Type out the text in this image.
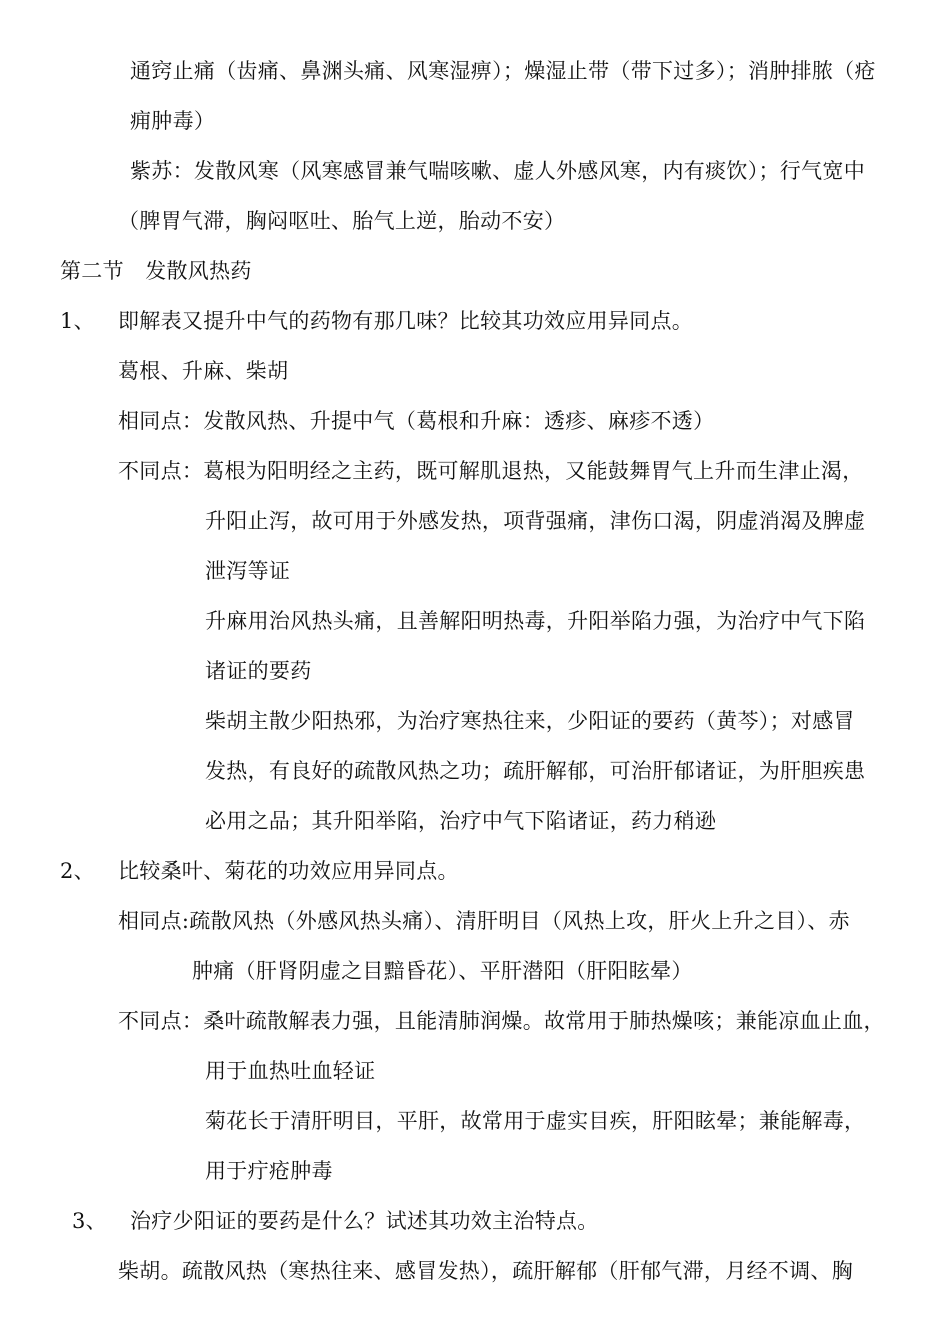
通窍止痛（齿痛、鼻渊头痛、风寒湿痹）；燥湿止带（带下过多）；消肿排脓（疮
痈肿毒）
紫苏：发散风寒（风寒感冒兼气喘咳嗽、虚人外感风寒，内有痰饮）；行气宽中
（脾胃气滞，胸闷呕吐、胎气上逆，胎动不安）
第二节　发散风热药
1、 即解表又提升中气的药物有那几味？比较其功效应用异同点。
葛根、升麻、柴胡
相同点：发散风热、升提中气（葛根和升麻：透疹、麻疹不透）
不同点：葛根为阳明经之主药，既可解肌退热，又能鼓舞胃气上升而生津止渴，
升阳止泻，故可用于外感发热，项背强痛，津伤口渴，阴虚消渴及脾虚
泄泻等证
升麻用治风热头痛，且善解阳明热毒，升阳举陷力强，为治疗中气下陷
诸证的要药
柴胡主散少阳热邪，为治疗寒热往来，少阳证的要药（黄芩）；对感冒
发热，有良好的疏散风热之功；疏肝解郁，可治肝郁诸证，为肝胆疾患
必用之品；其升阳举陷，治疗中气下陷诸证，药力稍逊
2、 比较桑叶、菊花的功效应用异同点。
相同点:疏散风热（外感风热头痛）、清肝明目（风热上攻，肝火上升之目）、赤
肿痛（肝肾阴虚之目黯昏花）、平肝潜阳（肝阳眩晕）
不同点：桑叶疏散解表力强，且能清肺润燥。故常用于肺热燥咳；兼能凉血止血，
用于血热吐血轻证
菊花长于清肝明目，平肝，故常用于虚实目疾，肝阳眩晕；兼能解毒，
用于疔疮肿毒
3、 治疗少阳证的要药是什么？试述其功效主治特点。
柴胡。疏散风热（寒热往来、感冒发热），疏肝解郁（肝郁气滞，月经不调、胸
